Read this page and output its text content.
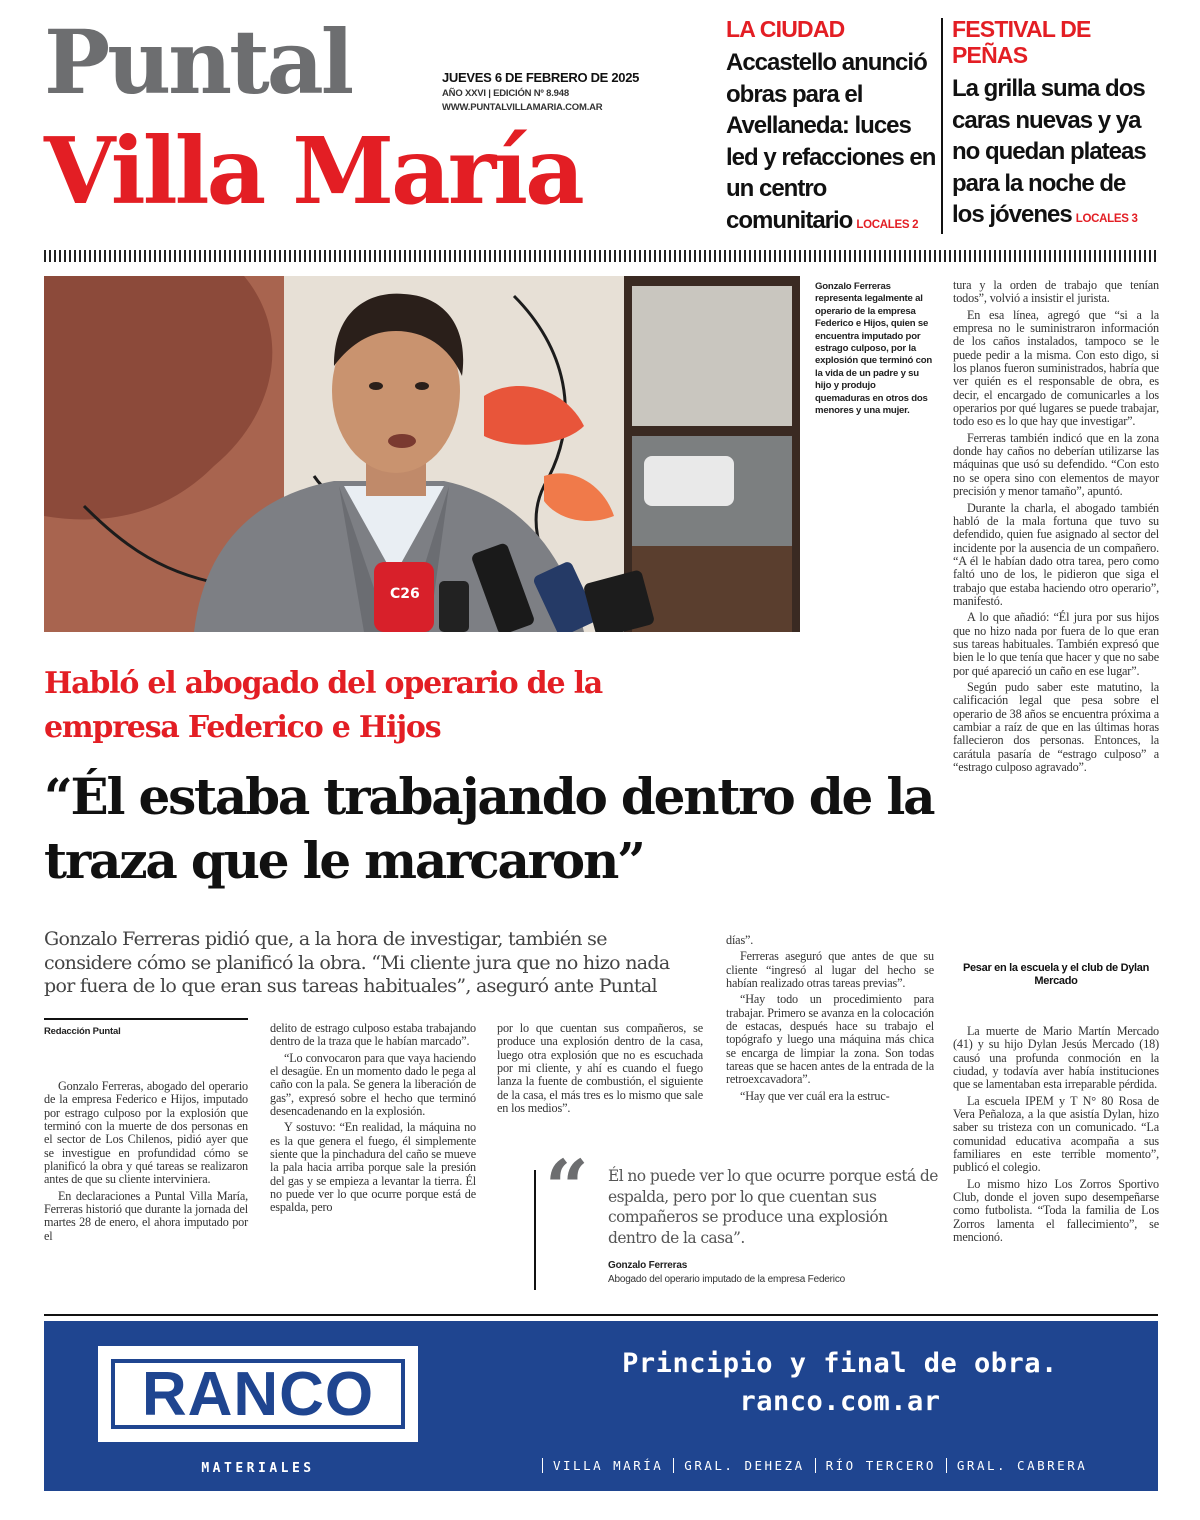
Puntal
Villa María
JUEVES 6 DE FEBRERO DE 2025
AÑO XXVI | EDICIÓN Nº 8.948
WWW.PUNTALVILLAMARIA.COM.AR
LA CIUDAD
Accastello anunció obras para el Avellaneda: luces led y refacciones en un centro comunitario LOCALES 2
FESTIVAL DE PEÑAS
La grilla suma dos caras nuevas y ya no quedan plateas para la noche de los jóvenes LOCALES 3
C26
Gonzalo Ferreras representa legalmente al operario de la empresa Federico e Hijos, quien se encuentra imputado por estrago culposo, por la explosión que terminó con la vida de un padre y su hijo y produjo quemaduras en otros dos menores y una mujer.
Habló el abogado del operario de la empresa Federico e Hijos
“Él estaba trabajando dentro de la traza que le marcaron”
Gonzalo Ferreras pidió que, a la hora de investigar, también se considere cómo se planificó la obra. “Mi cliente jura que no hizo nada por fuera de lo que eran sus tareas habituales”, aseguró ante Puntal
Redacción Puntal

Gonzalo Ferreras, abogado del operario de la empresa Federico e Hijos, imputado por estrago culposo por la explosión que terminó con la muerte de dos personas en el sector de Los Chilenos, pidió ayer que se investigue en profundidad cómo se planificó la obra y qué tareas se realizaron antes de que su cliente interviniera.

En declaraciones a Puntal Villa María, Ferreras historió que durante la jornada del martes 28 de enero, el ahora imputado por el

delito de estrago culposo estaba trabajando dentro de la traza que le habían marcado”.

“Lo convocaron para que vaya haciendo el desagüe. En un momento dado le pega al caño con la pala. Se genera la liberación de gas”, expresó sobre el hecho que terminó desencadenando en la explosión.

Y sostuvo: “En realidad, la máquina no es la que genera el fuego, él simplemente siente que la pinchadura del caño se mueve la pala hacia arriba porque sale la presión del gas y se empieza a levantar la tierra. Él no puede ver lo que ocurre porque está de espalda, pero

por lo que cuentan sus compañeros, se produce una explosión dentro de la casa, luego otra explosión que no es escuchada por mi cliente, y ahí es cuando el fuego lanza la fuente de combustión, el siguiente de la casa, el más tres es lo mismo que sale en los medios”.

días”.

Ferreras aseguró que antes de que su cliente “ingresó al lugar del hecho se habían realizado otras tareas previas”.

“Hay todo un procedimiento para trabajar. Primero se avanza en la colocación de estacas, después hace su trabajo el topógrafo y luego una máquina más chica se encarga de limpiar la zona. Son todas tareas que se hacen antes de la entrada de la retroexcavadora”.

“Hay que ver cuál era la estruc-

tura y la orden de trabajo que tenían todos”, volvió a insistir el jurista.

En esa línea, agregó que “si a la empresa no le suministraron información de los caños instalados, tampoco se le puede pedir a la misma. Con esto digo, si los planos fueron suministrados, habría que ver quién es el responsable de obra, es decir, el encargado de comunicarles a los operarios por qué lugares se puede trabajar, todo eso es lo que hay que investigar”.

Ferreras también indicó que en la zona donde hay caños no deberían utilizarse las máquinas que usó su defendido. “Con esto no se opera sino con elementos de mayor precisión y menor tamaño”, apuntó.

Durante la charla, el abogado también habló de la mala fortuna que tuvo su defendido, quien fue asignado al sector del incidente por la ausencia de un compañero. “A él le habían dado otra tarea, pero como faltó uno de los, le pidieron que siga el trabajo que estaba haciendo otro operario”, manifestó.

A lo que añadió: “Él jura por sus hijos que no hizo nada por fuera de lo que eran sus tareas habituales. También expresó que bien le lo que tenía que hacer y que no sabe por qué apareció un caño en ese lugar”.

Según pudo saber este matutino, la calificación legal que pesa sobre el operario de 38 años se encuentra próxima a cambiar a raíz de que en las últimas horas fallecieron dos personas. Entonces, la carátula pasaría de “estrago culposo” a “estrago culposo agravado”.

Pesar en la escuela y el club de Dylan Mercado

La muerte de Mario Martín Mercado (41) y su hijo Dylan Jesús Mercado (18) causó una profunda conmoción en la ciudad, y todavía aver había instituciones que se lamentaban esta irreparable pérdida.

La escuela IPEM y T N° 80 Rosa de Vera Peñaloza, a la que asistía Dylan, hizo saber su tristeza con un comunicado. “La comunidad educativa acompaña a sus familiares en este terrible momento”, publicó el colegio.

Lo mismo hizo Los Zorros Sportivo Club, donde el joven supo desempeñarse como futbolista. “Toda la familia de Los Zorros lamenta el fallecimiento”, se mencionó.

“ Él no puede ver lo que ocurre porque está de espalda, pero por lo que cuentan sus compañeros se produce una explosión dentro de la casa”.
Gonzalo Ferreras
Abogado del operario imputado de la empresa Federico
RANCO
MATERIALES
Principio y final de obra.
ranco.com.ar
VILLA MARÍA	GRAL. DEHEZA	RÍO TERCERO	GRAL. CABRERA
